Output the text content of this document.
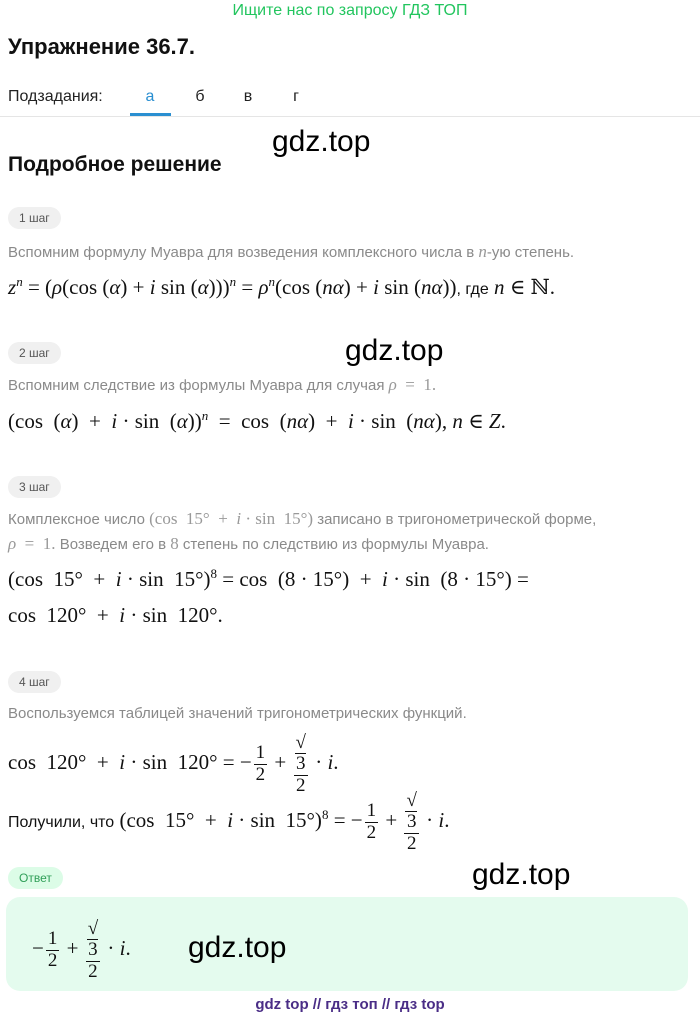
Ищите нас по запросу ГДЗ ТОП
Упражнение 36.7.
Подзадания:	а	б	в	г
gdz.top
Подробное решение
1 шаг
Вспомним формулу Муавра для возведения комплексного числа в n-ую степень.
$z^n = (\rho(\cos$ (α) + i $\sin (\alpha)))^n = \rho^n(\cos$ (nα) + i sin (nα)), где n ∈ ℕ.
2 шаг	gdz.top
Вспомним следствие из формулы Муавра для случая ρ  =  1.
(cos  (α)  +  i · sin  (α))$^n$  =  cos  (nα)  +  i · sin  (nα), n ∈ Z.
3 шаг
Комплексное число (cos  15°  +  i · sin  15°) записано в тригонометрической форме,
ρ  =  1. Возведем его в 8 степень по следствию из формулы Муавра.
(cos  15°  +  i · sin  15°)$^8$ = cos  (8 · 15°)  +  i · sin  (8 · 15°) =
cos  120°  +  i · sin  120°.
4 шаг
Воспользуемся таблицей значений тригонометрических функций.
cos  120°  +  i · sin  120° = − $\frac{1}{2}$ + √
3
2 · i.
Получили, что (cos  15°  +  i · sin  15°)$^8$ = − $\frac{1}{2}$ + √
3
2 · i.
Ответ	gdz.top
− $\frac{1}{2}$ + √
3
2 · i. gdz.top
gdz top // гдз топ // гдз top
